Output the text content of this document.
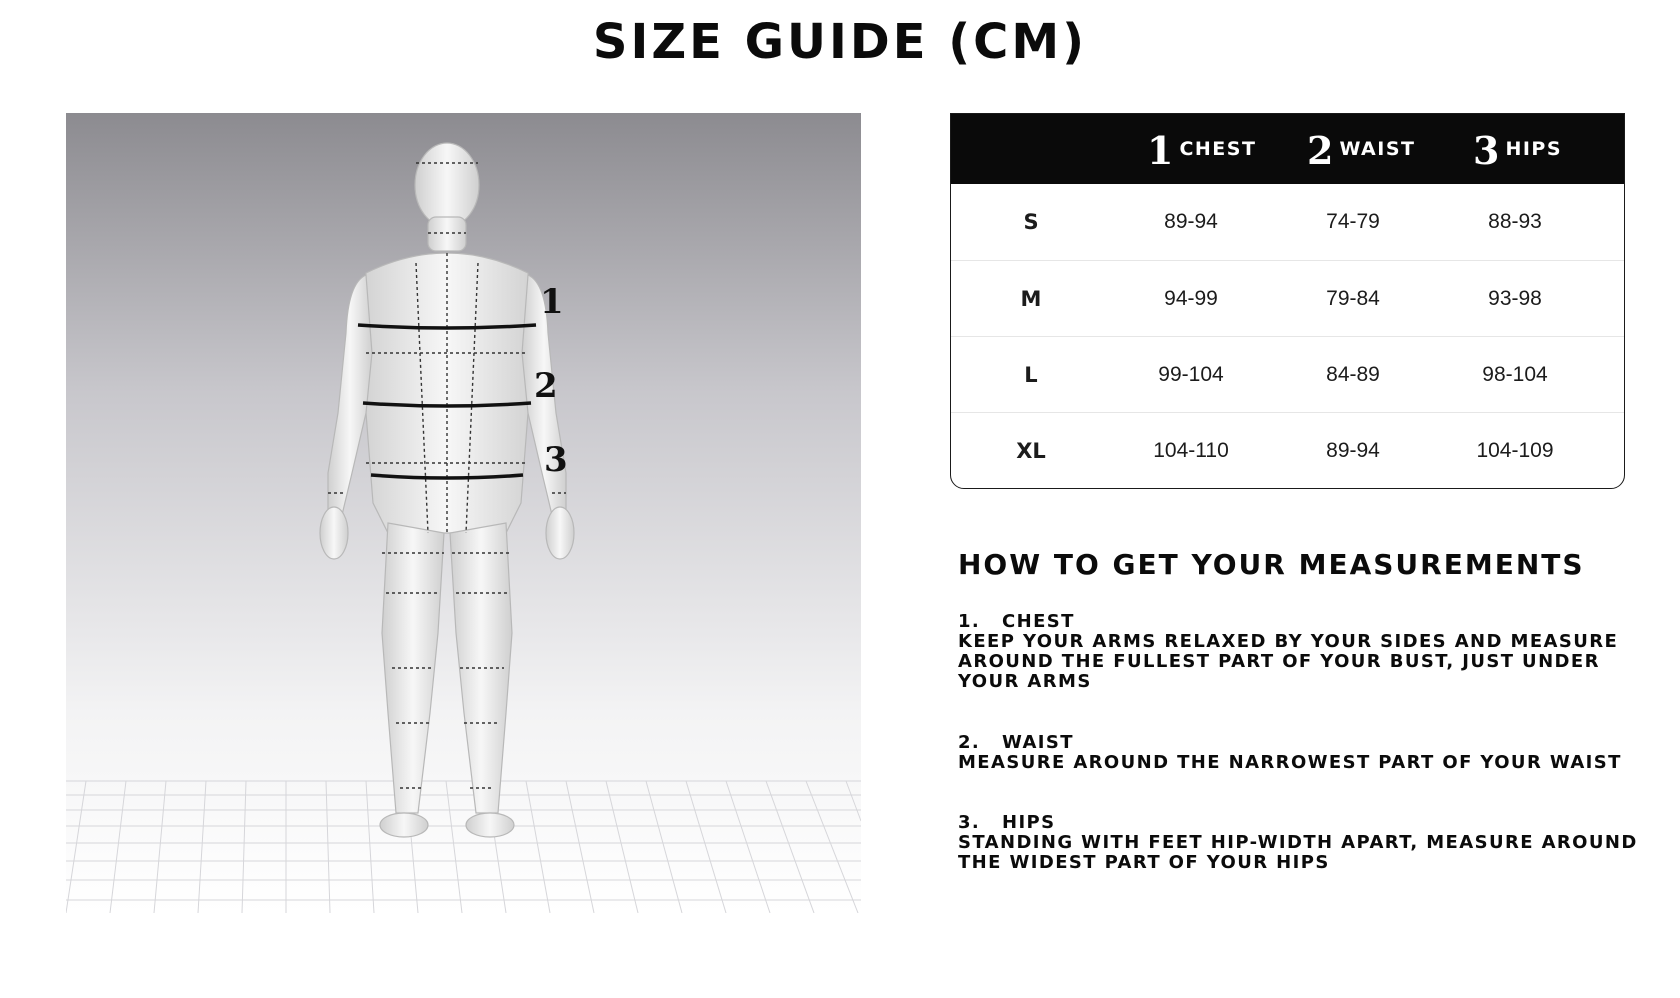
SIZE GUIDE (CM)
1
2
3
1 CHEST 2 WAIST 3 HIPS
S	89-94	74-79	88-93
M	94-99	79-84	93-98
L	99-104	84-89	98-104
XL	104-110	89-94	104-109
HOW TO GET YOUR MEASUREMENTS
1.	CHEST
KEEP YOUR ARMS RELAXED BY YOUR SIDES AND MEASURE
AROUND THE FULLEST PART OF YOUR BUST, JUST UNDER
YOUR ARMS
2.	WAIST
MEASURE AROUND THE NARROWEST PART OF YOUR WAIST
3.	HIPS
STANDING WITH FEET HIP-WIDTH APART, MEASURE AROUND
THE WIDEST PART OF YOUR HIPS
